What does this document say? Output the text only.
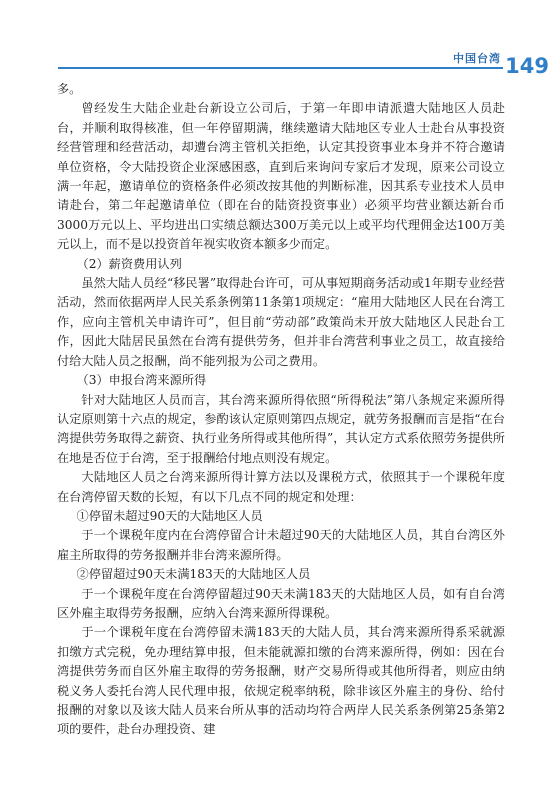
中国台湾 149

多。

曾经发生大陆企业赴台新设立公司后，于第一年即申请派遣大陆地区人员赴台，并顺利取得核准，但一年停留期满，继续邀请大陆地区专业人士赴台从事投资经营管理和经营活动，却遭台湾主管机关拒绝，认定其投资事业本身并不符合邀请单位资格，令大陆投资企业深感困惑，直到后来询问专家后才发现，原来公司设立满一年起，邀请单位的资格条件必须改按其他的判断标准，因其系专业技术人员申请赴台，第二年起邀请单位（即在台的陆资投资事业）必须平均营业额达新台币3000万元以上、平均进出口实绩总额达300万美元以上或平均代理佣金达100万美元以上，而不是以投资首年视实收资本额多少而定。

（2）薪资费用认列

虽然大陆人员经“移民署”取得赴台许可，可从事短期商务活动或1年期专业经营活动，然而依据两岸人民关系条例第11条第1项规定：“雇用大陆地区人民在台湾工作，应向主管机关申请许可”，但目前“劳动部”政策尚未开放大陆地区人民赴台工作，因此大陆居民虽然在台湾有提供劳务，但并非台湾营利事业之员工，故直接给付给大陆人员之报酬，尚不能列报为公司之费用。

（3）申报台湾来源所得

针对大陆地区人员而言，其台湾来源所得依照“所得税法”第八条规定来源所得认定原则第十六点的规定，参酌该认定原则第四点规定，就劳务报酬而言是指“在台湾提供劳务取得之薪资、执行业务所得或其他所得”，其认定方式系依照劳务提供所在地是否位于台湾，至于报酬给付地点则没有规定。

大陆地区人员之台湾来源所得计算方法以及课税方式，依照其于一个课税年度在台湾停留天数的长短，有以下几点不同的规定和处理：

①停留未超过90天的大陆地区人员

于一个课税年度内在台湾停留合计未超过90天的大陆地区人员，其自台湾区外雇主所取得的劳务报酬并非台湾来源所得。

②停留超过90天未满183天的大陆地区人员

于一个课税年度在台湾停留超过90天未满183天的大陆地区人员，如有自台湾区外雇主取得劳务报酬，应纳入台湾来源所得课税。

于一个课税年度在台湾停留未满183天的大陆人员，其台湾来源所得系采就源扣缴方式完税，免办理结算申报，但未能就源扣缴的台湾来源所得，例如：因在台湾提供劳务而自区外雇主取得的劳务报酬，财产交易所得或其他所得者，则应由纳税义务人委托台湾人民代理申报，依规定税率纳税，除非该区外雇主的身份、给付报酬的对象以及该大陆人员来台所从事的活动均符合两岸人民关系条例第25条第2项的要件，赴台办理投资、建
